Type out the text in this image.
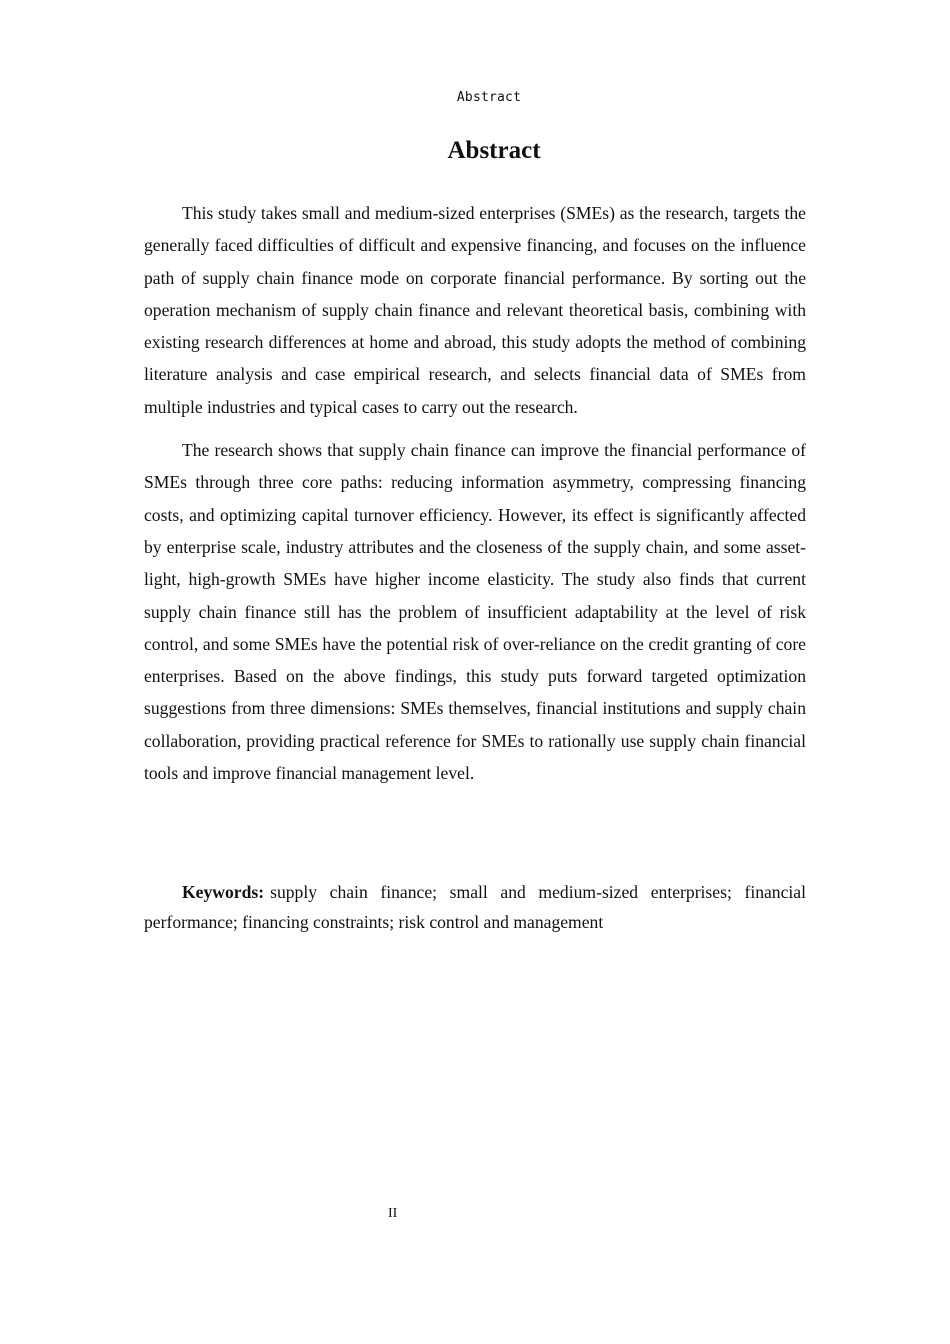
Abstract
Abstract

This study takes small and medium-sized enterprises (SMEs) as the research, targets the generally faced difficulties of difficult and expensive financing, and focuses on the influence path of supply chain finance mode on corporate financial performance. By sorting out the operation mechanism of supply chain finance and relevant theoretical basis, combining with existing research differences at home and abroad, this study adopts the method of combining literature analysis and case empirical research, and selects financial data of SMEs from multiple industries and typical cases to carry out the research.

The research shows that supply chain finance can improve the financial performance of SMEs through three core paths: reducing information asymmetry, compressing financing costs, and optimizing capital turnover efficiency. However, its effect is significantly affected by enterprise scale, industry attributes and the closeness of the supply chain, and some asset-light, high-growth SMEs have higher income elasticity. The study also finds that current supply chain finance still has the problem of insufficient adaptability at the level of risk control, and some SMEs have the potential risk of over-reliance on the credit granting of core enterprises. Based on the above findings, this study puts forward targeted optimization suggestions from three dimensions: SMEs themselves, financial institutions and supply chain collaboration, providing practical reference for SMEs to rationally use supply chain financial tools and improve financial management level.

Keywords: supply chain finance; small and medium-sized enterprises; financial performance; financing constraints; risk control and management

II
